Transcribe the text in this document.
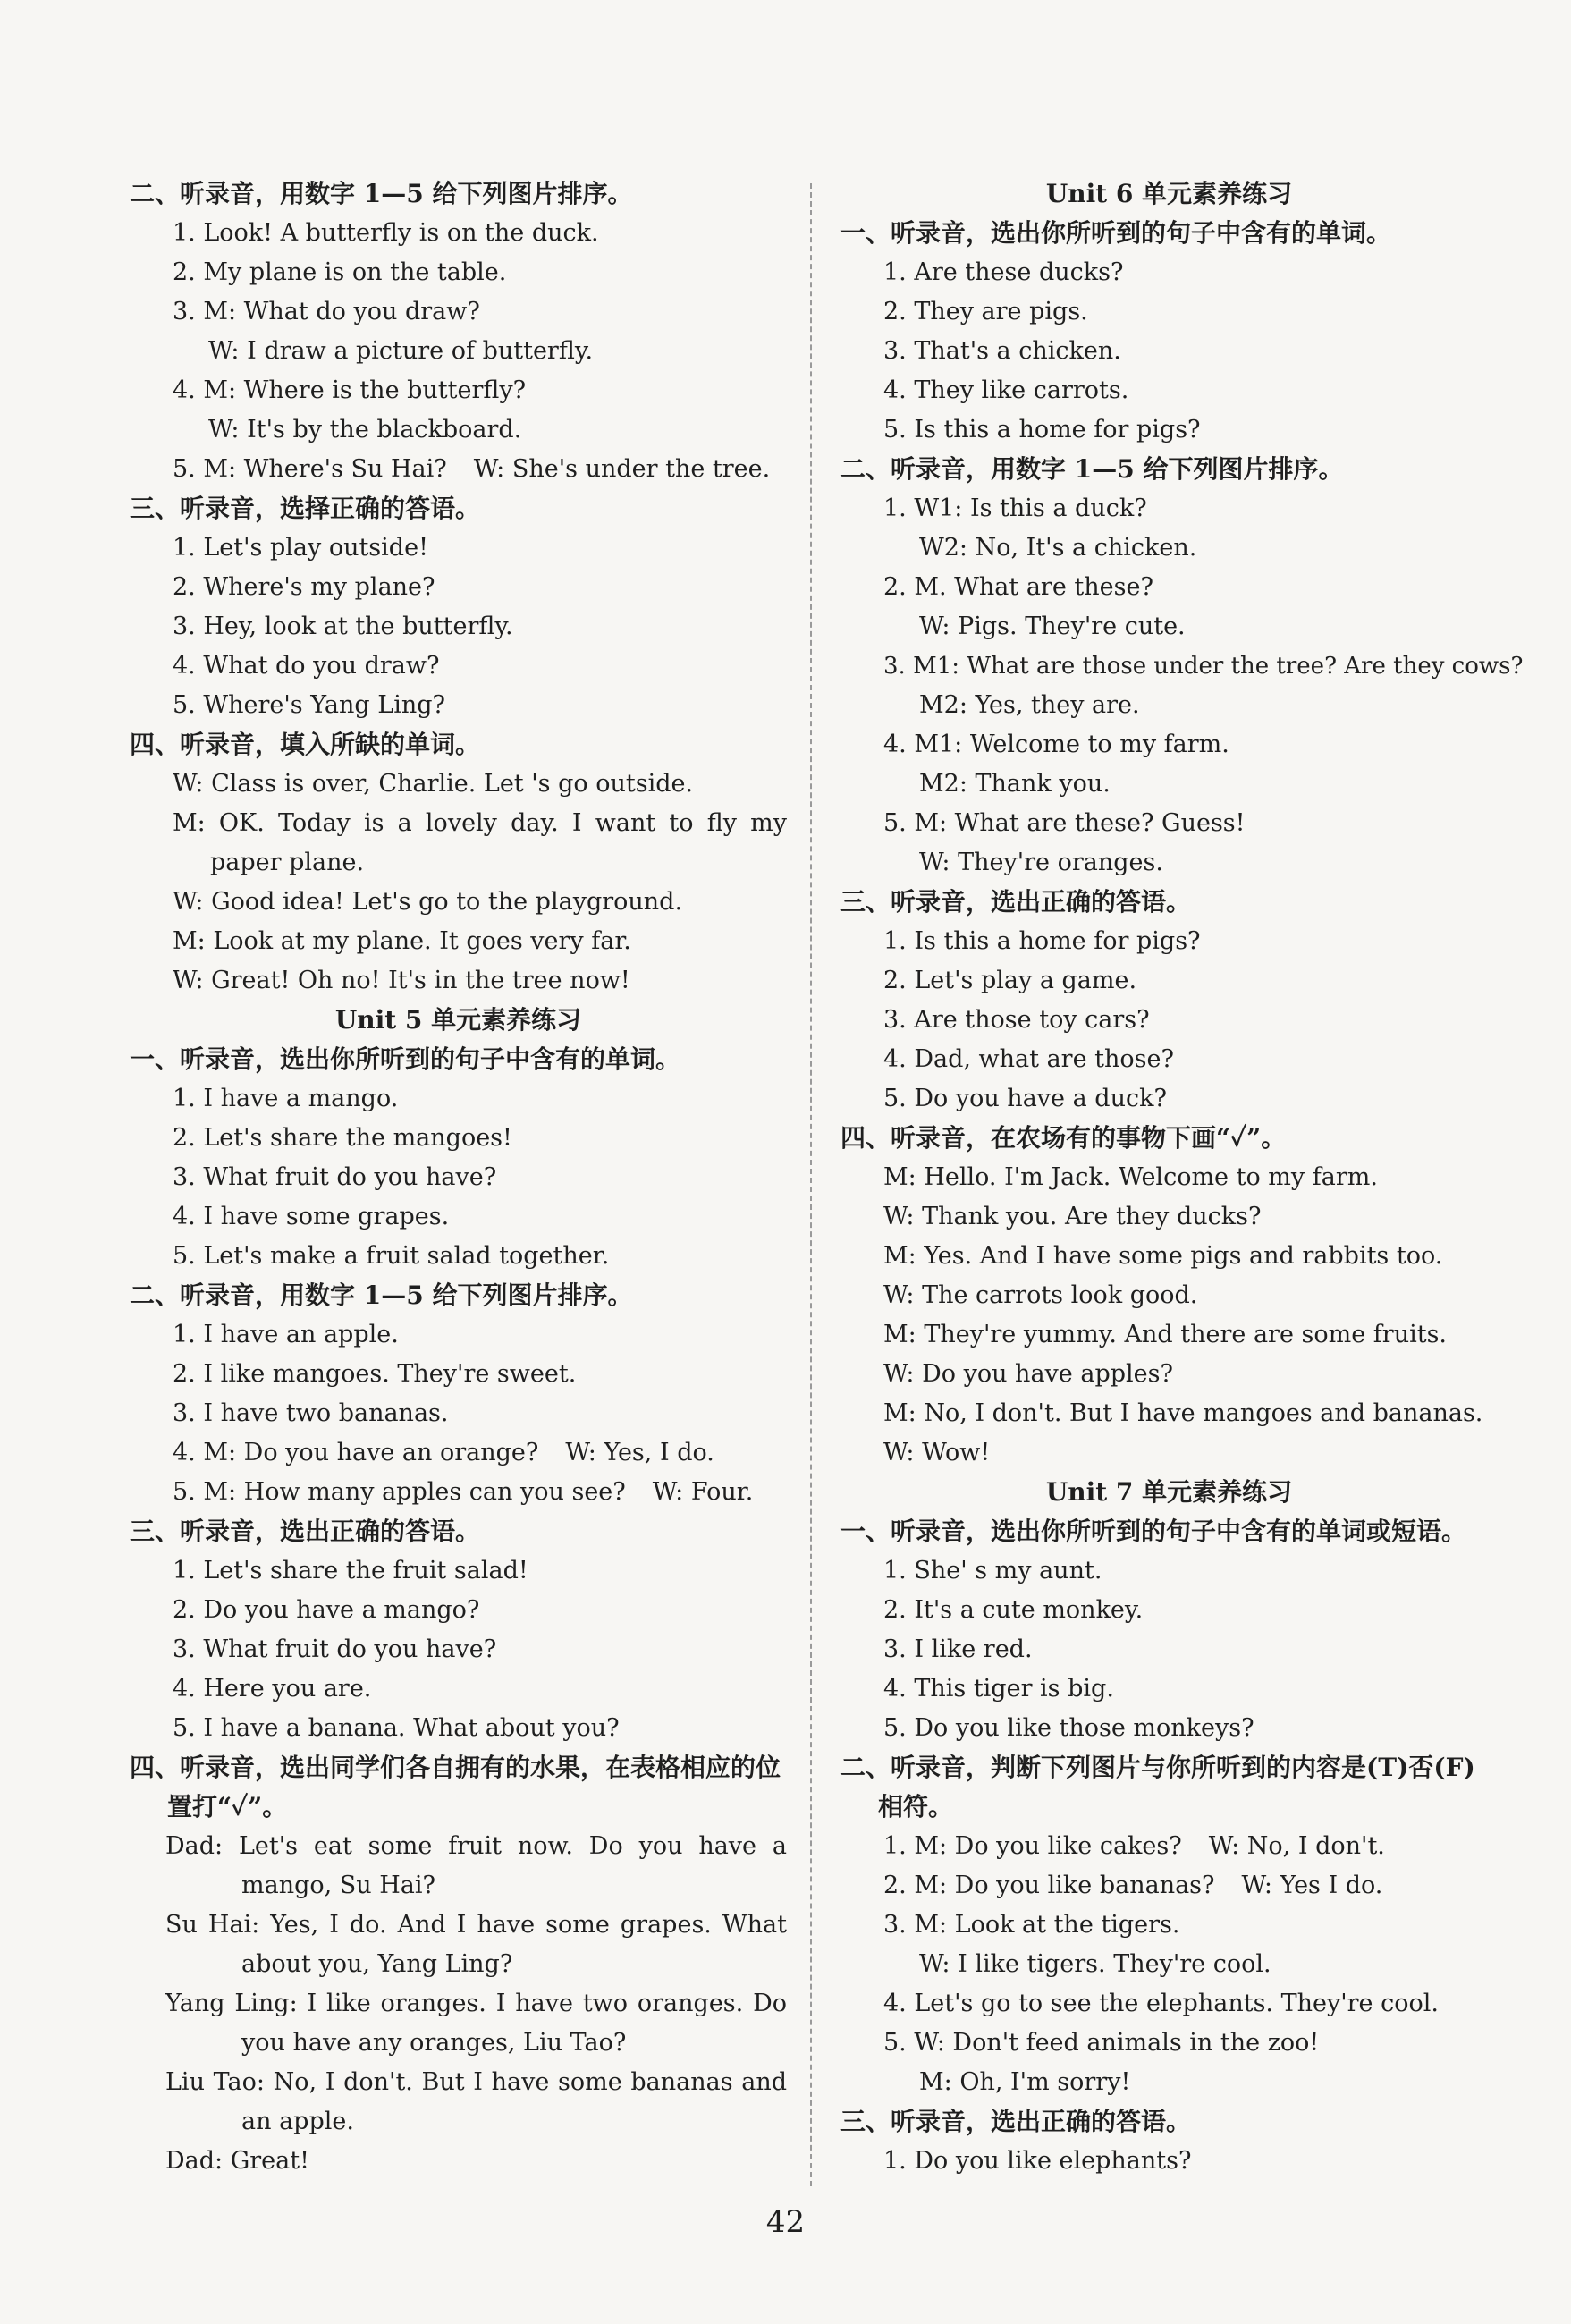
二、听录音，用数字 1—5 给下列图片排序。
1. Look! A butterfly is on the duck.
2. My plane is on the table.
3. M: What do you draw?
W: I draw a picture of butterfly.
4. M: Where is the butterfly?
W: It's by the blackboard.
5. M: Where's Su Hai? W: She's under the tree.
三、听录音，选择正确的答语。
1. Let's play outside!
2. Where's my plane?
3. Hey, look at the butterfly.
4. What do you draw?
5. Where's Yang Ling?
四、听录音，填入所缺的单词。
W: Class is over, Charlie. Let 's go outside.
M: OK. Today is a lovely day. I want to fly my paper plane.
W: Good idea! Let's go to the playground.
M: Look at my plane. It goes very far.
W: Great! Oh no! It's in the tree now!
Unit 5 单元素养练习
一、听录音，选出你所听到的句子中含有的单词。
1. I have a mango.
2. Let's share the mangoes!
3. What fruit do you have?
4. I have some grapes.
5. Let's make a fruit salad together.
二、听录音，用数字 1—5 给下列图片排序。
1. I have an apple.
2. I like mangoes. They're sweet.
3. I have two bananas.
4. M: Do you have an orange? W: Yes, I do.
5. M: How many apples can you see? W: Four.
三、听录音，选出正确的答语。
1. Let's share the fruit salad!
2. Do you have a mango?
3. What fruit do you have?
4. Here you are.
5. I have a banana. What about you?
四、听录音，选出同学们各自拥有的水果，在表格相应的位置打“✓”。
Dad: Let's eat some fruit now. Do you have a mango, Su Hai?
Su Hai: Yes, I do. And I have some grapes. What about you, Yang Ling?
Yang Ling: I like oranges. I have two oranges. Do you have any oranges, Liu Tao?
Liu Tao: No, I don't. But I have some bananas and an apple.
Dad: Great!
Unit 6 单元素养练习
一、听录音，选出你所听到的句子中含有的单词。
1. Are these ducks?
2. They are pigs.
3. That's a chicken.
4. They like carrots.
5. Is this a home for pigs?
二、听录音，用数字 1—5 给下列图片排序。
1. W1: Is this a duck?
W2: No, It's a chicken.
2. M. What are these?
W: Pigs. They're cute.
3. M1: What are those under the tree? Are they cows?
M2: Yes, they are.
4. M1: Welcome to my farm.
M2: Thank you.
5. M: What are these? Guess!
W: They're oranges.
三、听录音，选出正确的答语。
1. Is this a home for pigs?
2. Let's play a game.
3. Are those toy cars?
4. Dad, what are those?
5. Do you have a duck?
四、听录音，在农场有的事物下画“✓”。
M: Hello. I'm Jack. Welcome to my farm.
W: Thank you. Are they ducks?
M: Yes. And I have some pigs and rabbits too.
W: The carrots look good.
M: They're yummy. And there are some fruits.
W: Do you have apples?
M: No, I don't. But I have mangoes and bananas.
W: Wow!
Unit 7 单元素养练习
一、听录音，选出你所听到的句子中含有的单词或短语。
1. She' s my aunt.
2. It's a cute monkey.
3. I like red.
4. This tiger is big.
5. Do you like those monkeys?
二、听录音，判断下列图片与你所听到的内容是(T)否(F)相符。
1. M: Do you like cakes? W: No, I don't.
2. M: Do you like bananas? W: Yes I do.
3. M: Look at the tigers.
W: I like tigers. They're cool.
4. Let's go to see the elephants. They're cool.
5. W: Don't feed animals in the zoo!
M: Oh, I'm sorry!
三、听录音，选出正确的答语。
1. Do you like elephants?
42
